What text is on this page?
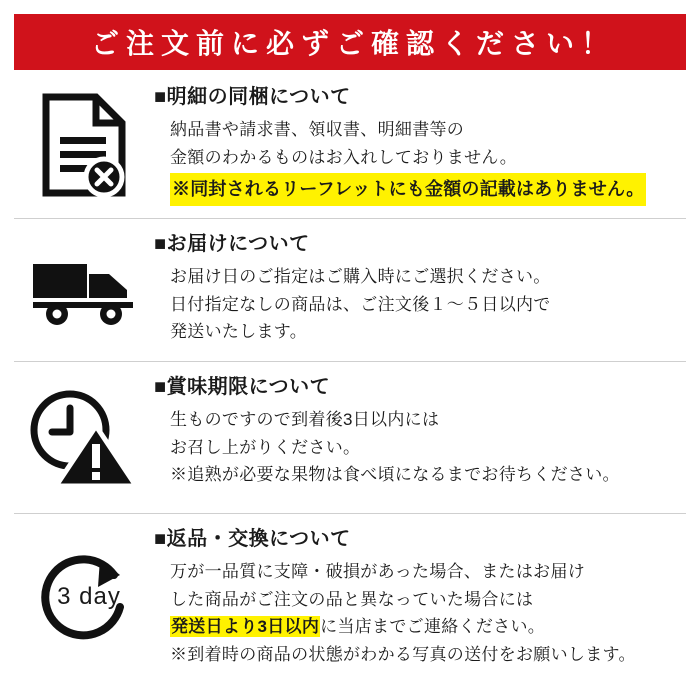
ご注文前に必ずご確認ください！
■明細の同梱について
納品書や請求書、領収書、明細書等の
金額のわかるものはお入れしておりません。
※同封されるリーフレットにも金額の記載はありません。
■お届けについて
お届け日のご指定はご購入時にご選択ください。
日付指定なしの商品は、ご注文後１〜５日以内で
発送いたします。
■賞味期限について
生ものですので到着後3日以内には
お召し上がりください。
※追熟が必要な果物は食べ頃になるまでお待ちください。
3 day
■返品・交換について
万が一品質に支障・破損があった場合、またはお届け
した商品がご注文の品と異なっていた場合には
発送日より3日以内に当店までご連絡ください。
※到着時の商品の状態がわかる写真の送付をお願いします。
